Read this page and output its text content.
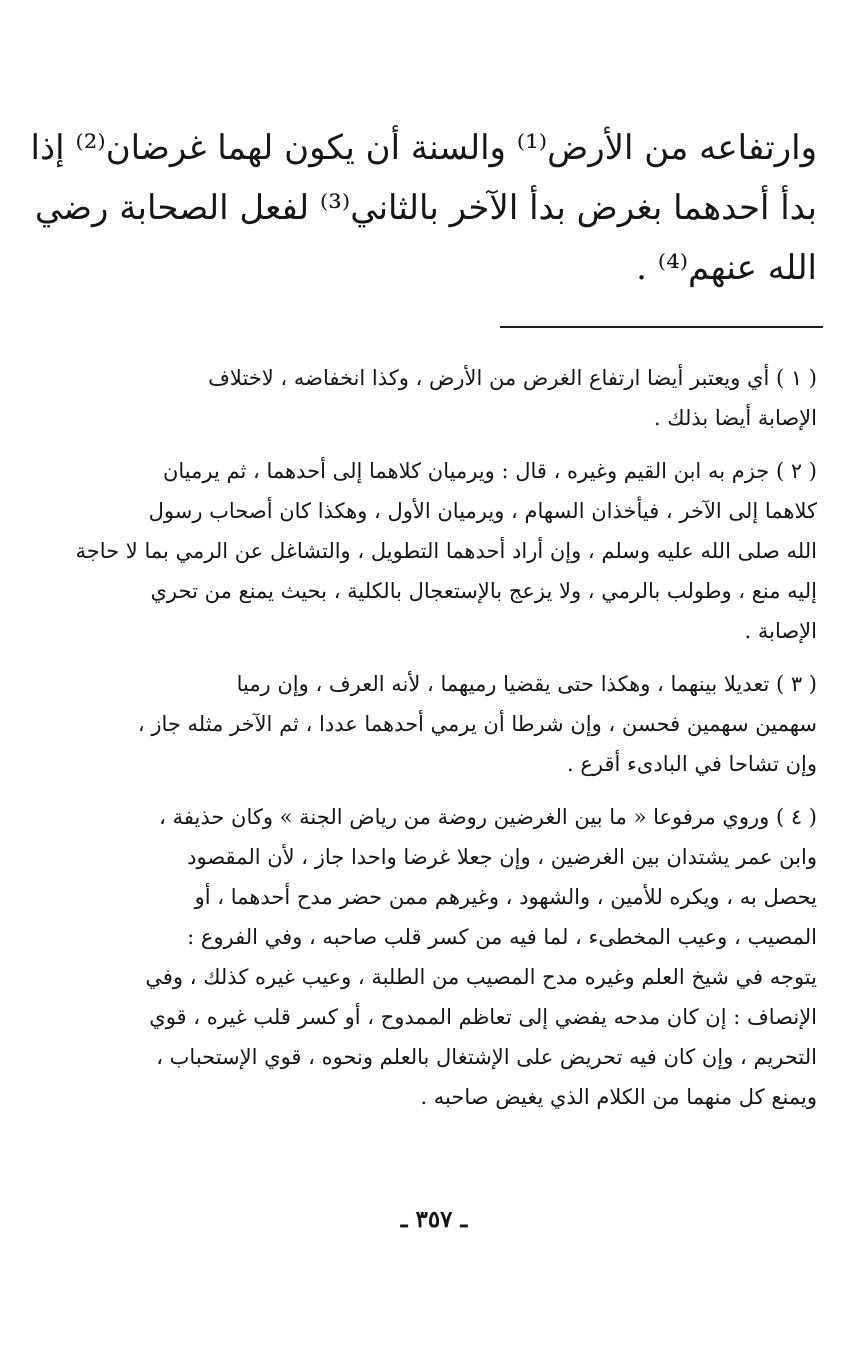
وارتفاعه من الأرض⁽¹⁾ والسنة أن يكون لهما غرضان⁽²⁾ إذا
بدأ أحدهما بغرض بدأ الآخر بالثاني⁽³⁾ لفعل الصحابة رضي
الله عنهم⁽⁴⁾ .
( ١ ) أي ويعتبر أيضا ارتفاع الغرض من الأرض ، وكذا انخفاضه ، لاختلاف
الإصابة أيضا بذلك .
( ٢ ) جزم به ابن القيم وغيره ، قال : ويرميان كلاهما إلى أحدهما ، ثم يرميان
كلاهما إلى الآخر ، فيأخذان السهام ، ويرميان الأول ، وهكذا كان أصحاب رسول
الله صلى الله عليه وسلم ، وإن أراد أحدهما التطويل ، والتشاغل عن الرمي بما لا حاجة
إليه منع ، وطولب بالرمي ، ولا يزعج بالإستعجال بالكلية ، بحيث يمنع من تحري
الإصابة .
( ٣ ) تعديلا بينهما ، وهكذا حتى يقضيا رميهما ، لأنه العرف ، وإن رميا
سهمين سهمين فحسن ، وإن شرطا أن يرمي أحدهما عددا ، ثم الآخر مثله جاز ،
وإن تشاحا في البادىء أقرع .
( ٤ ) وروي مرفوعا « ما بين الغرضين روضة من رياض الجنة » وكان حذيفة ،
وابن عمر يشتدان بين الغرضين ، وإن جعلا غرضا واحدا جاز ، لأن المقصود
يحصل به ، ويكره للأمين ، والشهود ، وغيرهم ممن حضر مدح أحدهما ، أو
المصيب ، وعيب المخطىء ، لما فيه من كسر قلب صاحبه ، وفي الفروع :
يتوجه في شيخ العلم وغيره مدح المصيب من الطلبة ، وعيب غيره كذلك ، وفي
الإنصاف : إن كان مدحه يفضي إلى تعاظم الممدوح ، أو كسر قلب غيره ، قوي
التحريم ، وإن كان فيه تحريض على الإشتغال بالعلم ونحوه ، قوي الإستحباب ،
ويمنع كل منهما من الكلام الذي يغيض صاحبه .
ـ ٣٥٧ ـ
